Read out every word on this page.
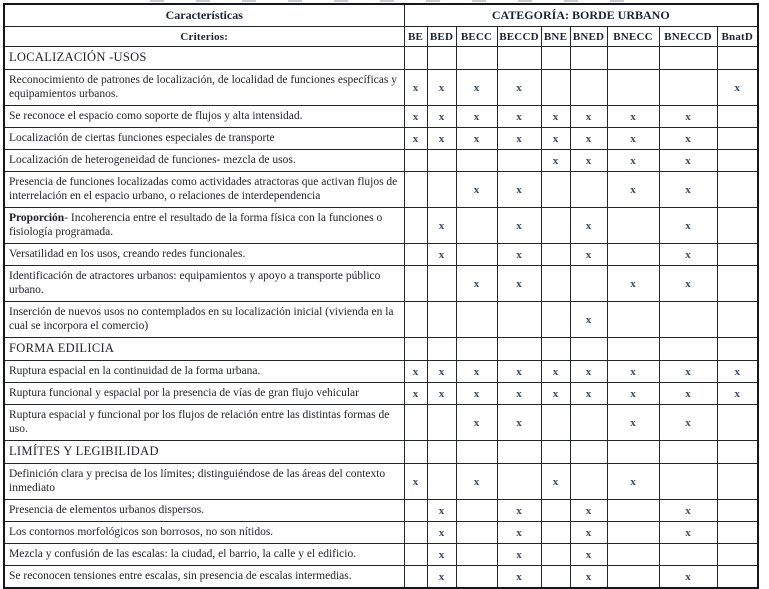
Características	CATEGORÍA: BORDE URBANO								
Criterios:	BE	BED	BECC	BECCD	BNE	BNED	BNECC	BNECCD	BnatD
LOCALIZACIÓN -USOS									
Reconocimiento de patrones de localización, de localidad de funciones específicas y equipamientos urbanos.	x	x	x	x					x
Se reconoce el espacio como soporte de flujos y alta intensidad.	x	x	x	x	x	x	x	x	
Localización de ciertas funciones especiales de transporte	x	x	x	x	x	x	x	x	
Localización de heterogeneidad de funciones- mezcla de usos.					x	x	x	x	
Presencia de funciones localizadas como actividades atractoras que activan flujos de interrelación en el espacio urbano, o relaciones de interdependencia			x	x			x	x	
Proporción- Incoherencia entre el resultado de la forma física con la funciones o fisiología programada.		x		x		x		x	
Versatilidad en los usos, creando redes funcionales.		x		x		x		x	
Identificación de atractores urbanos: equipamientos y apoyo a transporte público urbano.			x	x			x	x	
Inserción de nuevos usos no contemplados en su localización inicial (vivienda en la cual se incorpora el comercio)						x			
FORMA EDILICIA									
Ruptura espacial en la continuidad de la forma urbana.	x	x	x	x	x	x	x	x	x
Ruptura funcional y espacial por la presencia de vías de gran flujo vehicular	x	x	x	x	x	x	x	x	x
Ruptura espacial y funcional por los flujos de relación entre las distintas formas de uso.			x	x			x	x	
LIMÍTES Y LEGIBILIDAD									
Definición clara y precisa de los límites; distinguiéndose de las áreas del contexto inmediato	x		x		x		x		
Presencia de elementos urbanos dispersos.		x		x		x		x	
Los contornos morfológicos son borrosos, no son nítidos.		x		x		x		x	
Mezcla y confusión de las escalas: la ciudad, el barrio, la calle y el edificio.		x		x		x			
Se reconocen tensiones entre escalas, sin presencia de escalas intermedias.		x		x		x		x	
